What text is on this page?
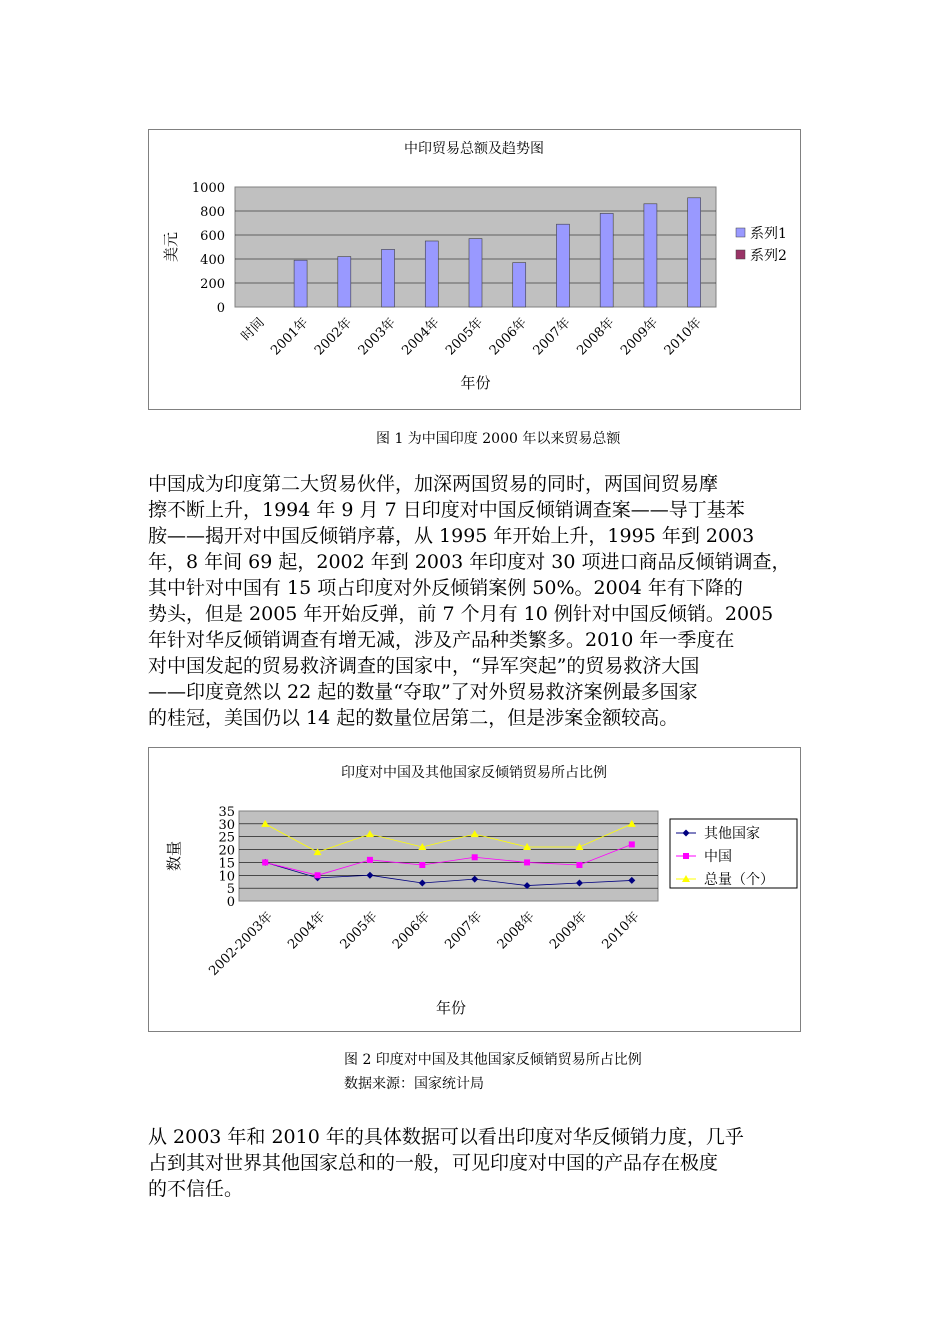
0
200
400
600
800
1000
中印贸易总额及趋势图
美元
年份
时间 2001年 2002年 2003年 2004年 2005年 2006年 2007年 2008年 2009年 2010年
系列1
系列2
图 1 为中国印度 2000 年以来贸易总额
中国成为印度第二大贸易伙伴，加深两国贸易的同时，两国间贸易摩
擦不断上升，1994 年 9 月 7 日印度对中国反倾销调查案——导丁基苯
胺——揭开对中国反倾销序幕，从 1995 年开始上升，1995 年到 2003
年，8 年间 69 起，2002 年到 2003 年印度对 30 项进口商品反倾销调查，
其中针对中国有 15 项占印度对外反倾销案例 50%。2004 年有下降的
势头，但是 2005 年开始反弹，前 7 个月有 10 例针对中国反倾销。2005
年针对华反倾销调查有增无减，涉及产品种类繁多。2010 年一季度在
对中国发起的贸易救济调查的国家中，“异军突起”的贸易救济大国
——印度竟然以 22 起的数量“夺取”了对外贸易救济案例最多国家
的桂冠，美国仍以 14 起的数量位居第二，但是涉案金额较高。
0
5
10
15
20
25
30
35
印度对中国及其他国家反倾销贸易所占比例
数量
年份
2002-2003年 2004年 2005年 2006年 2007年 2008年 2009年 2010年
其他国家
中国
总量（个）
图 2 印度对中国及其他国家反倾销贸易所占比例
数据来源：国家统计局
从 2003 年和 2010 年的具体数据可以看出印度对华反倾销力度，几乎
占到其对世界其他国家总和的一般，可见印度对中国的产品存在极度
的不信任。
